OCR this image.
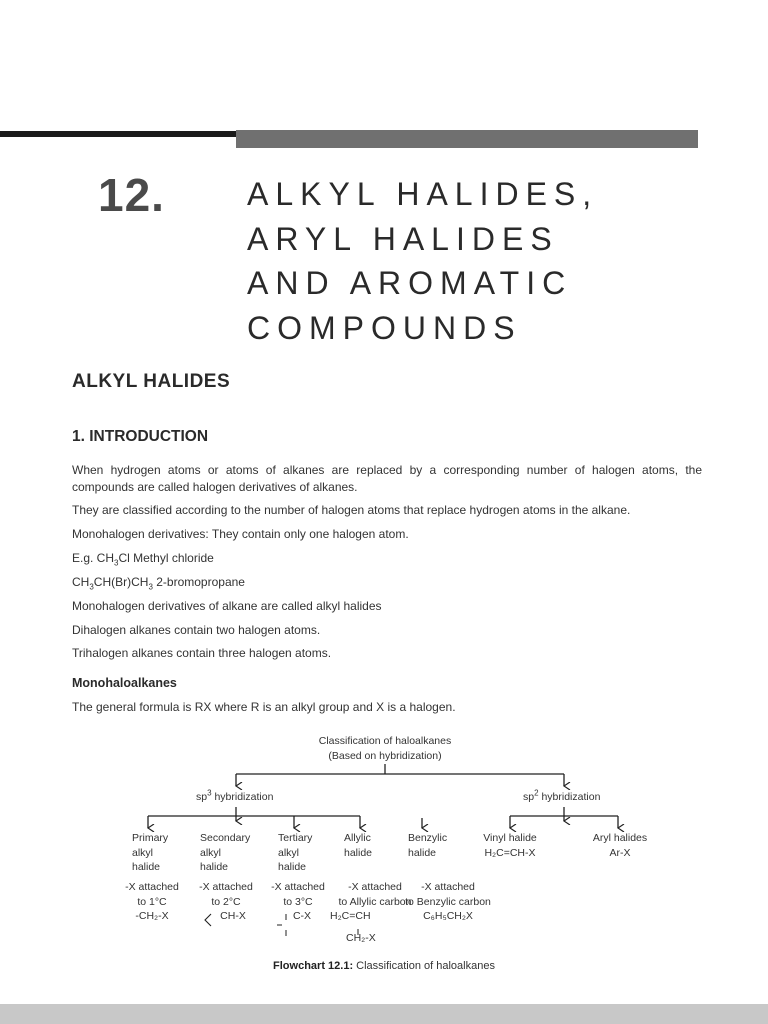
12.	ALKYL HALIDES,
ARYL HALIDES
AND AROMATIC
COMPOUNDS
ALKYL HALIDES
1. INTRODUCTION
When hydrogen atoms or atoms of alkanes are replaced by a corresponding number of halogen atoms, the compounds are called halogen derivatives of alkanes.
They are classified according to the number of halogen atoms that replace hydrogen atoms in the alkane.
Monohalogen derivatives: They contain only one halogen atom.
E.g. $CH_3Cl$ Methyl chloride
$CH_3CH(Br)CH_3$ 2-bromopropane
Monohalogen derivatives of alkane are called alkyl halides
Dihalogen alkanes contain two halogen atoms.
Trihalogen alkanes contain three halogen atoms.
Monohaloalkanes
The general formula is RX where R is an alkyl group and X is a halogen.
Classification of haloalkanes
(Based on hybridization)
$sp^3$ hybridization	$sp^2$ hybridization
Primary
alkyl
halide
Secondary
alkyl
halide
Tertiary
alkyl
halide
Allylic
halide
Benzylic
halide
Vinyl halide
H₂C=CH-X
Aryl halides
Ar-X
-X attached
to 1°C
-CH₂-X
-X attached
to 2°C
CH-X
-X attached
to 3°C
C-X
-X attached
to Allylic carbon
H₂C=CH
CH₂-X
-X attached
to Benzylic carbon
C₆H₅CH₂X
Flowchart 12.1: Classification of haloalkanes
